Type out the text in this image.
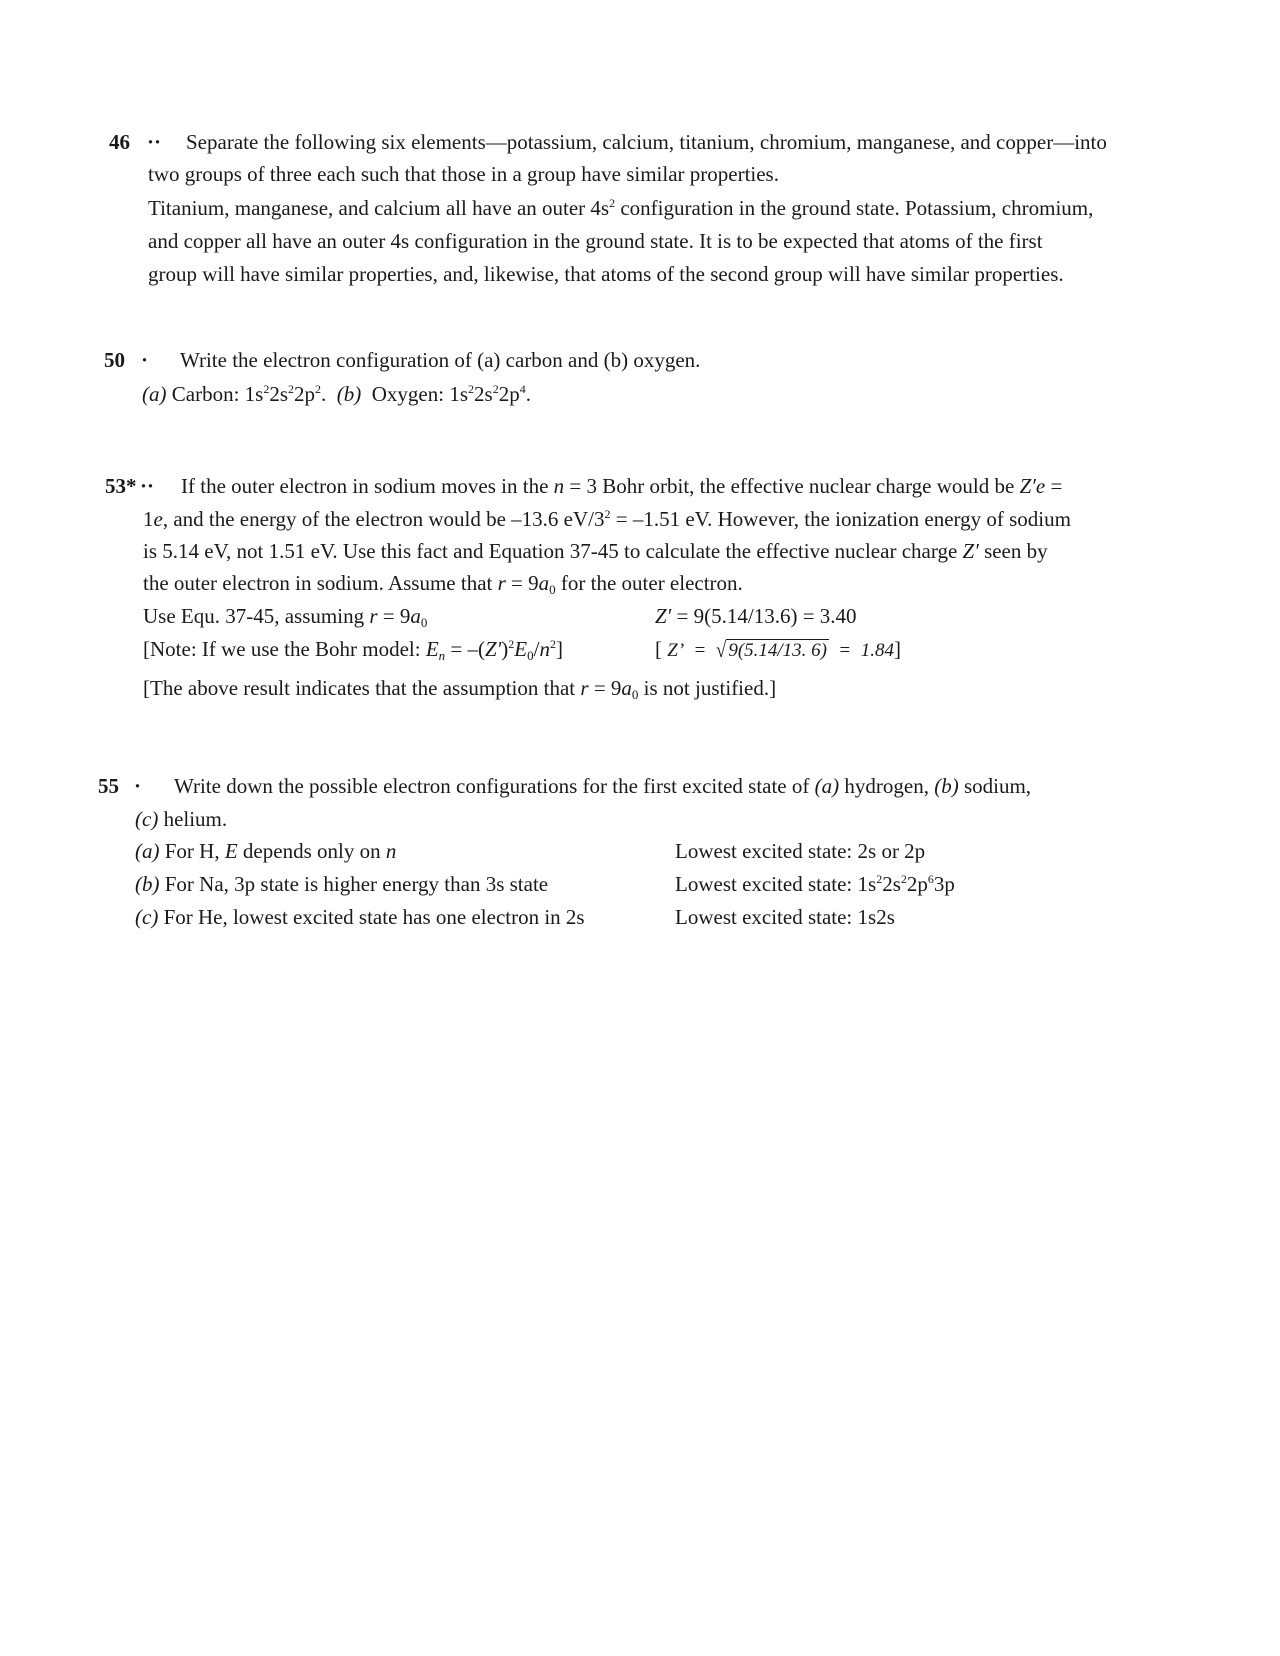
46 ·· Separate the following six elements—potassium, calcium, titanium, chromium, manganese, and copper—into
two groups of three each such that those in a group have similar properties.
Titanium, manganese, and calcium all have an outer $4s^2$ configuration in the ground state. Potassium, chromium,
and copper all have an outer 4s configuration in the ground state. It is to be expected that atoms of the first
group will have similar properties, and, likewise, that atoms of the second group will have similar properties.
50 · Write the electron configuration of (a) carbon and (b) oxygen.
(a) Carbon: $1s^22s^22p^2$. (b) Oxygen: $1s^22s^22p^4$.
53* ·· If the outer electron in sodium moves in the n = 3 Bohr orbit, the effective nuclear charge would be Z′e =
1e, and the energy of the electron would be –13.6 $eV/3^2 = -1.51$ eV. However, the ionization energy of sodium
is 5.14 eV, not 1.51 eV. Use this fact and Equation 37-45 to calculate the effective nuclear charge Z′ seen by
the outer electron in sodium. Assume that $r = 9a_0$ for the outer electron.
Use Equ. 37-45, assuming $r = 9a_0$	Z′ = 9(5.14/13.6) = 3.40
[Note: If we use the Bohr model: $E_n = -(Z')^2E_0/n^2$]	[ Z’ = √ 9(5.14/13. 6) = 1.84]
[The above result indicates that the assumption that $r = 9a_0$ is not justified.]
55 · Write down the possible electron configurations for the first excited state of (a) hydrogen, (b) sodium,
(c) helium.
(a) For H, E depends only on n	Lowest excited state: 2s or 2p
(b) For Na, 3p state is higher energy than 3s state	Lowest excited state: $1s^22s^22p^63p$
(c) For He, lowest excited state has one electron in 2s	Lowest excited state: 1s2s
